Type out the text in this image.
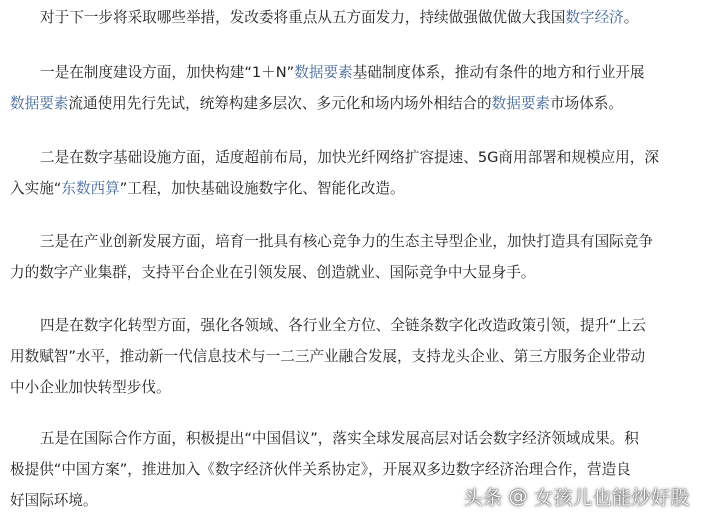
对于下一步将采取哪些举措，发改委将重点从五方面发力，持续做强做优做大我国数字经济。

一是在制度建设方面，加快构建“1＋N”数据要素基础制度体系，推动有条件的地方和行业开展
数据要素流通使用先行先试，统筹构建多层次、多元化和场内场外相结合的数据要素市场体系。

二是在数字基础设施方面，适度超前布局，加快光纤网络扩容提速、5G商用部署和规模应用，深
入实施“东数西算”工程，加快基础设施数字化、智能化改造。

三是在产业创新发展方面，培育一批具有核心竞争力的生态主导型企业，加快打造具有国际竞争
力的数字产业集群，支持平台企业在引领发展、创造就业、国际竞争中大显身手。

四是在数字化转型方面，强化各领域、各行业全方位、全链条数字化改造政策引领，提升“上云
用数赋智”水平，推动新一代信息技术与一二三产业融合发展，支持龙头企业、第三方服务企业带动
中小企业加快转型步伐。

五是在国际合作方面，积极提出“中国倡议”，落实全球发展高层对话会数字经济领域成果。积
极提供“中国方案”，推进加入《数字经济伙伴关系协定》，开展双多边数字经济治理合作，营造良
好国际环境。	头条 @ 女孩儿也能炒好股
